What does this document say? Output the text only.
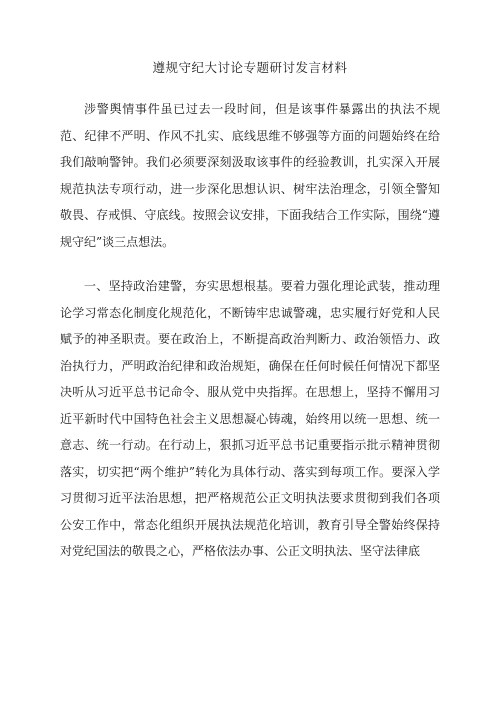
遵规守纪大讨论专题研讨发言材料

涉警舆情事件虽已过去一段时间，但是该事件暴露出的执法不规范、纪律不严明、作风不扎实、底线思维不够强等方面的问题始终在给我们敲响警钟。我们必须要深刻汲取该事件的经验教训，扎实深入开展规范执法专项行动，进一步深化思想认识、树牢法治理念，引领全警知敬畏、存戒惧、守底线。按照会议安排，下面我结合工作实际，围绕“遵规守纪”谈三点想法。

一、坚持政治建警，夯实思想根基。要着力强化理论武装，推动理论学习常态化制度化规范化，不断铸牢忠诚警魂，忠实履行好党和人民赋予的神圣职责。要在政治上，不断提高政治判断力、政治领悟力、政治执行力，严明政治纪律和政治规矩，确保在任何时候任何情况下都坚决听从习近平总书记命令、服从党中央指挥。在思想上，坚持不懈用习近平新时代中国特色社会主义思想凝心铸魂，始终用以统一思想、统一意志、统一行动。在行动上，狠抓习近平总书记重要指示批示精神贯彻落实，切实把“两个维护”转化为具体行动、落实到每项工作。要深入学习贯彻习近平法治思想，把严格规范公正文明执法要求贯彻到我们各项公安工作中，常态化组织开展执法规范化培训，教育引导全警始终保持对党纪国法的敬畏之心，严格依法办事、公正文明执法、坚守法律底
